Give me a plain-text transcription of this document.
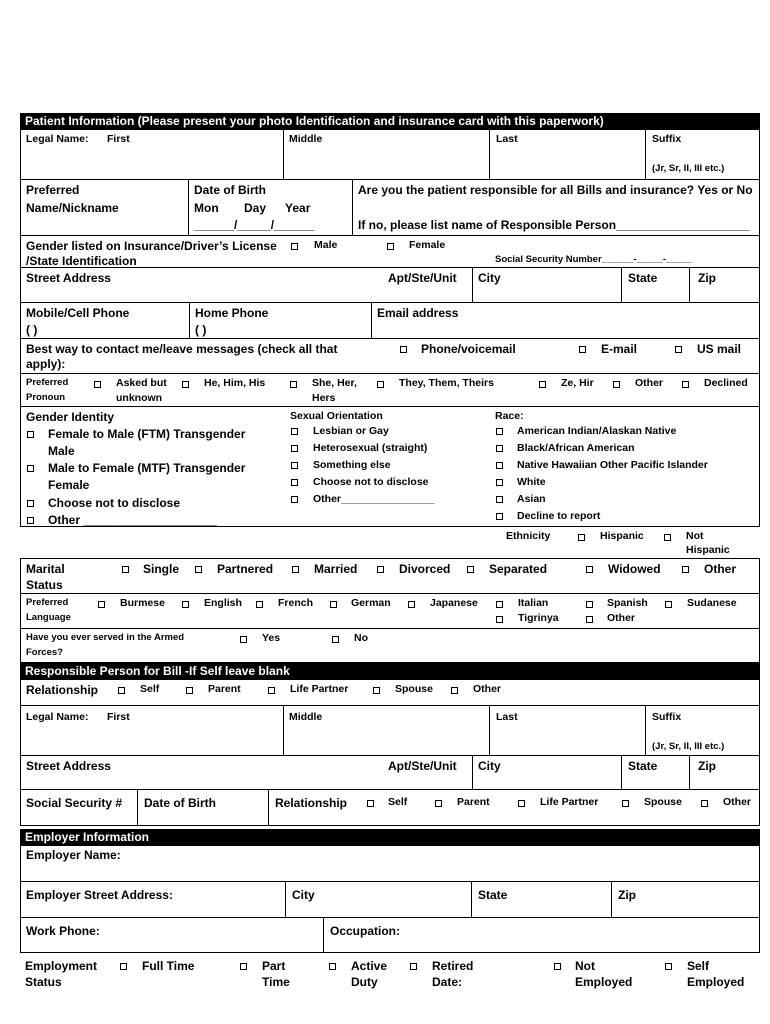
Patient Information (Please present your photo Identification and insurance card with this paperwork)
Legal Name: First	Middle	Last	Suffix
(Jr, Sr, II, III etc.)
Preferred
Name/Nickname
Date of Birth
Mon Day Year
______/_____/______
Are you the patient responsible for all Bills and insurance? Yes or No
If no, please list name of Responsible Person____________________
Gender listed on Insurance/Driver’s License
/State Identification
Male	Female
Social Security Number______-_____-_____
Street Address	Apt/Ste/Unit City	State	Zip
Mobile/Cell Phone
( )
Home Phone
( )
Email address
Best way to contact me/leave messages (check all that
apply):
Phone/voicemail	E-mail	US mail
Preferred
Pronoun
Asked but
unknown
He, Him, His	She, Her,
Hers
They, Them, Theirs	Ze, Hir	Other	Declined
Gender Identity
Female to Male (FTM) Transgender
Male
Male to Female (MTF) Transgender
Female
Choose not to disclose
Other ____________________
Sexual Orientation
Lesbian or Gay
Heterosexual (straight)
Something else
Choose not to disclose
Other________________
Race:
American Indian/Alaskan Native
Black/African American
Native Hawaiian Other Pacific Islander
White
Asian
Decline to report
Ethnicity	Hispanic	Not
Hispanic
Marital
Status
Single	Partnered	Married	Divorced	Separated	Widowed	Other
Preferred
Language
Burmese	English	French	German	Japanese	Italian	Spanish	Sudanese
Tigrinya	Other
Have you ever served in the Armed
Forces?
Yes	No
Responsible Person for Bill -If Self leave blank
Relationship	Self	Parent	Life Partner	Spouse	Other
Legal Name: First	Middle	Last	Suffix
(Jr, Sr, II, III etc.)
Street Address	Apt/Ste/Unit City	State	Zip
Social Security # Date of Birth	Relationship	Self	Parent	Life Partner	Spouse	Other
Employer Information
Employer Name:
Employer Street Address:	City	State	Zip
Work Phone:	Occupation:
Employment
Status
Full Time	Part
Time
Active
Duty
Retired
Date:
Not
Employed
Self
Employed
